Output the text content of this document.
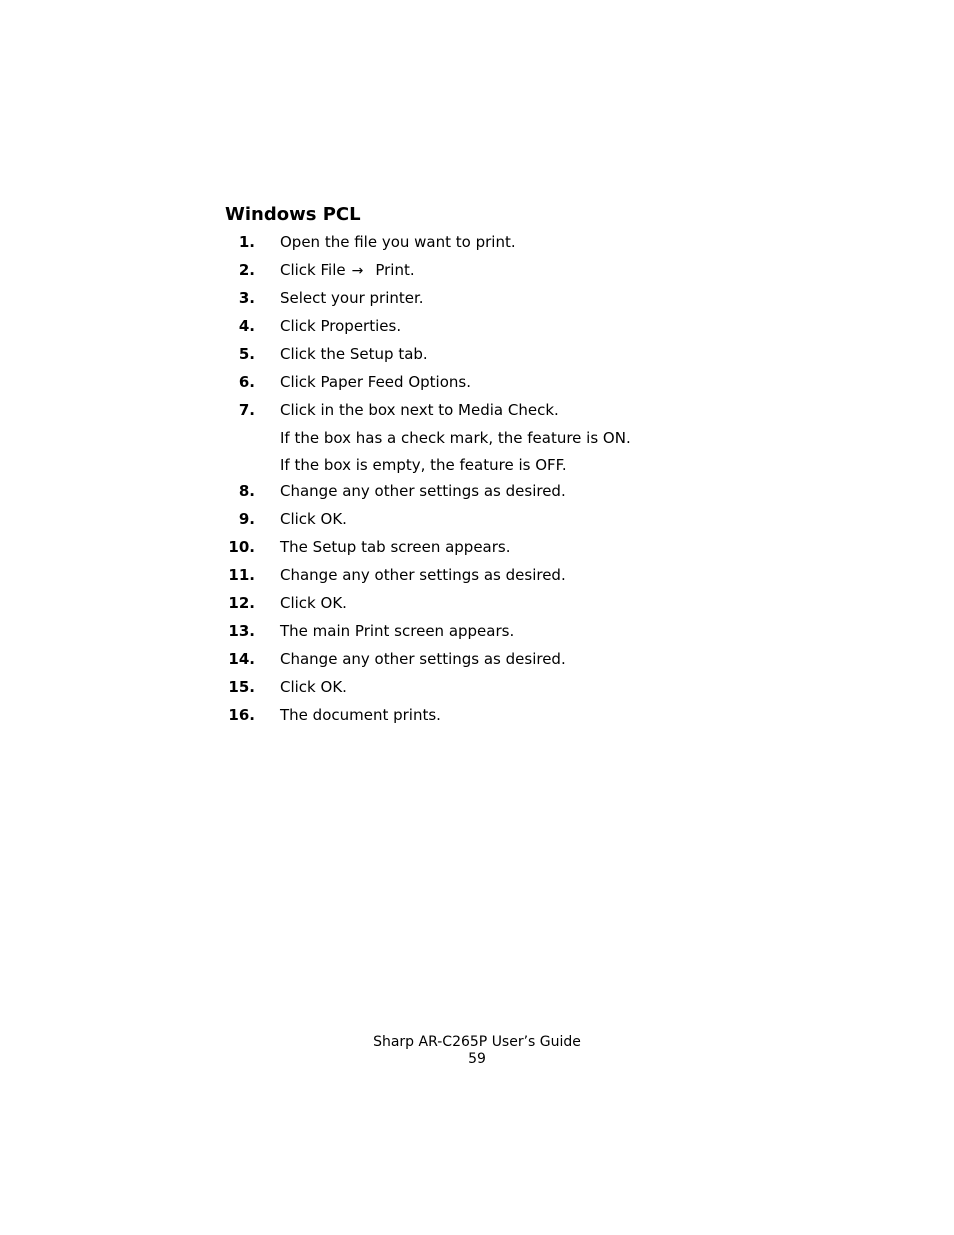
Windows PCL
1. Open the file you want to print.
2. Click File → Print.
3. Select your printer.
4. Click Properties.
5. Click the Setup tab.
6. Click Paper Feed Options.
7. Click in the box next to Media Check.
If the box has a check mark, the feature is ON.
If the box is empty, the feature is OFF.
8. Change any other settings as desired.
9. Click OK.
10. The Setup tab screen appears.
11. Change any other settings as desired.
12. Click OK.
13. The main Print screen appears.
14. Change any other settings as desired.
15. Click OK.
16. The document prints.
Sharp AR-C265P User’s Guide
59
